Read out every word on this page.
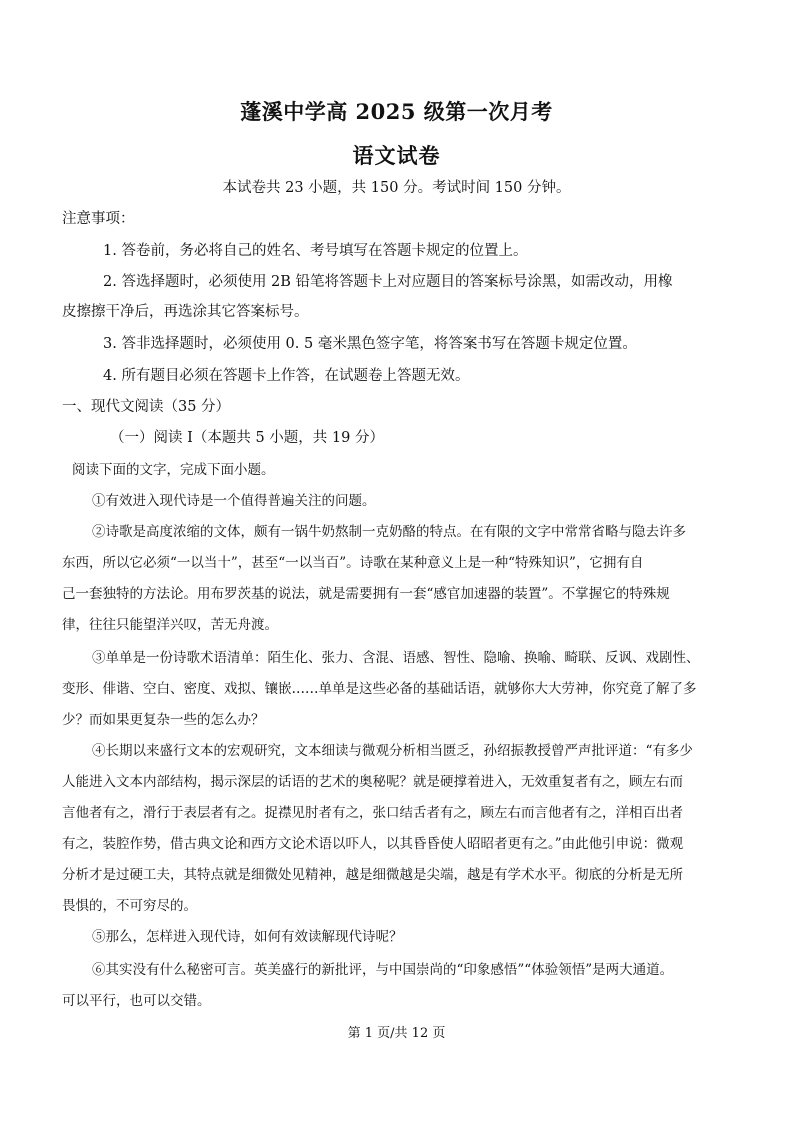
蓬溪中学高 2025 级第一次月考
语文试卷
本试卷共 23 小题，共 150 分。考试时间 150 分钟。
注意事项：
1. 答卷前，务必将自己的姓名、考号填写在答题卡规定的位置上。
2. 答选择题时，必须使用 2B 铅笔将答题卡上对应题目的答案标号涂黑，如需改动，用橡
皮擦擦干净后，再选涂其它答案标号。
3. 答非选择题时，必须使用 0. 5 毫米黑色签字笔，将答案书写在答题卡规定位置。
4. 所有题目必须在答题卡上作答，在试题卷上答题无效。
一、现代文阅读（35 分）
（一）阅读 I（本题共 5 小题，共 19 分）
阅读下面的文字，完成下面小题。
①有效进入现代诗是一个值得普遍关注的问题。
②诗歌是高度浓缩的文体，颇有一锅牛奶熬制一克奶酪的特点。在有限的文字中常常省略与隐去许多
东西，所以它必须“一以当十”，甚至“一以当百”。诗歌在某种意义上是一种“特殊知识”，它拥有自
己一套独特的方法论。用布罗茨基的说法，就是需要拥有一套“感官加速器的装置”。不掌握它的特殊规
律，往往只能望洋兴叹，苦无舟渡。
③单单是一份诗歌术语清单：陌生化、张力、含混、语感、智性、隐喻、换喻、畸联、反讽、戏剧性、
变形、俳谐、空白、密度、戏拟、镶嵌……单单是这些必备的基础话语，就够你大大劳神，你究竟了解了多
少？而如果更复杂一些的怎么办？
④长期以来盛行文本的宏观研究，文本细读与微观分析相当匮乏，孙绍振教授曾严声批评道：“有多少
人能进入文本内部结构，揭示深层的话语的艺术的奥秘呢？就是硬撑着进入，无效重复者有之，顾左右而
言他者有之，滑行于表层者有之。捉襟见肘者有之，张口结舌者有之，顾左右而言他者有之，洋相百出者
有之，装腔作势，借古典文论和西方文论术语以吓人，以其昏昏使人昭昭者更有之。”由此他引申说：微观
分析才是过硬工夫，其特点就是细微处见精神，越是细微越是尖端，越是有学术水平。彻底的分析是无所
畏惧的，不可穷尽的。
⑤那么，怎样进入现代诗，如何有效读解现代诗呢？
⑥其实没有什么秘密可言。英美盛行的新批评，与中国崇尚的“印象感悟”“体验领悟”是两大通道。
可以平行，也可以交错。
第 1 页/共 12 页
